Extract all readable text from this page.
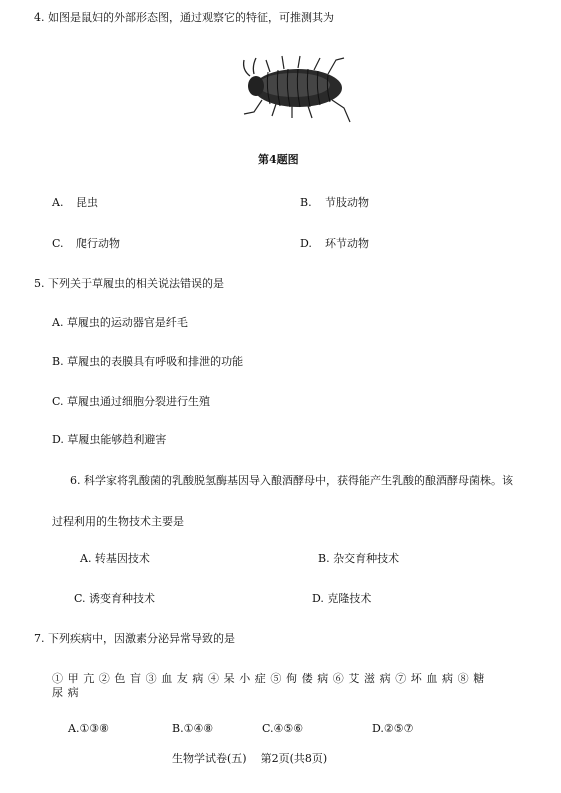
4. 如图是鼠妇的外部形态图，通过观察它的特征，可推测其为
第4题图
A. 昆虫	B. 节肢动物
C. 爬行动物	D. 环节动物
5. 下列关于草履虫的相关说法错误的是
A. 草履虫的运动器官是纤毛
B. 草履虫的表膜具有呼吸和排泄的功能
C. 草履虫通过细胞分裂进行生殖
D. 草履虫能够趋利避害
6. 科学家将乳酸菌的乳酸脱氢酶基因导入酿酒酵母中，获得能产生乳酸的酿酒酵母菌株。该
过程利用的生物技术主要是
A. 转基因技术	B. 杂交育种技术
C. 诱变育种技术	D. 克隆技术
7. 下列疾病中，因激素分泌异常导致的是
①甲亢②色盲③血友病④呆小症⑤佝偻病⑥艾滋病⑦坏血病⑧糖
尿病
A.①③⑧	B.①④⑧	C.④⑤⑥	D.②⑤⑦
生物学试卷(五)    第2页(共8页)
